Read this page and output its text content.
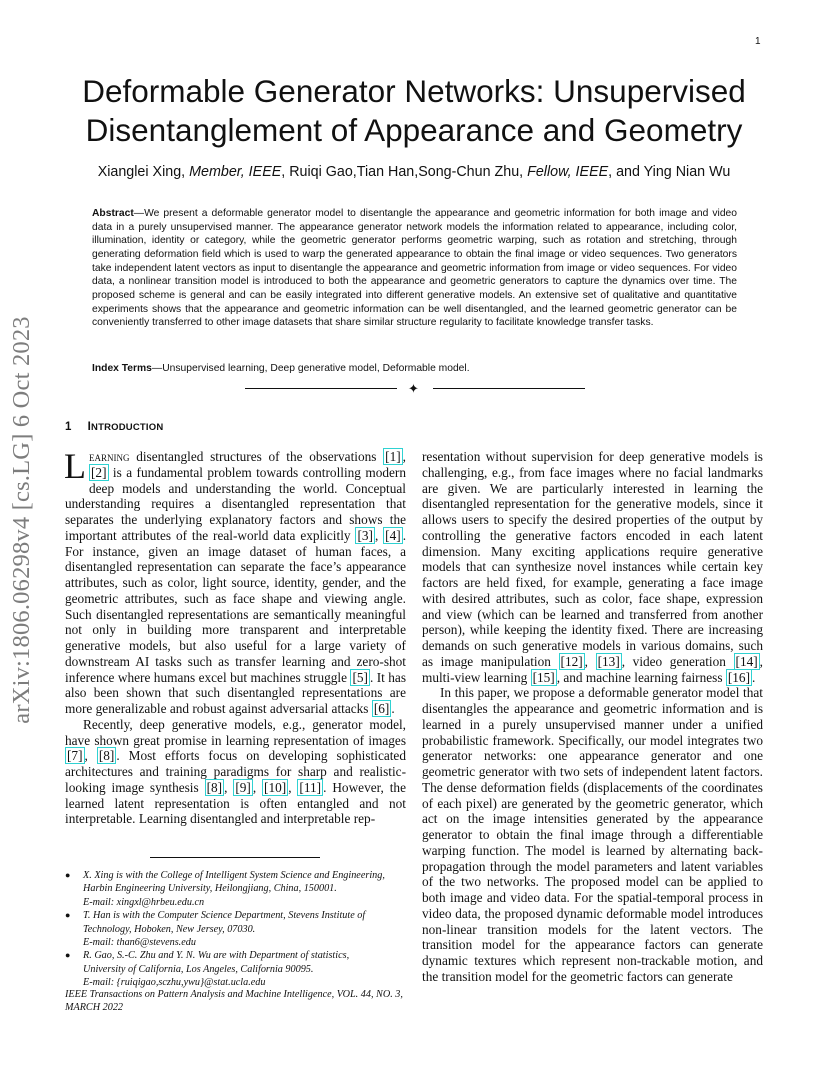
1
arXiv:1806.06298v4 [cs.LG] 6 Oct 2023
Deformable Generator Networks: Unsupervised Disentanglement of Appearance and Geometry
Xianglei Xing, Member, IEEE, Ruiqi Gao,Tian Han,Song-Chun Zhu, Fellow, IEEE, and Ying Nian Wu

Abstract—We present a deformable generator model to disentangle the appearance and geometric information for both image and video data in a purely unsupervised manner. The appearance generator network models the information related to appearance, including color, illumination, identity or category, while the geometric generator performs geometric warping, such as rotation and stretching, through generating deformation field which is used to warp the generated appearance to obtain the final image or video sequences. Two generators take independent latent vectors as input to disentangle the appearance and geometric information from image or video sequences. For video data, a nonlinear transition model is introduced to both the appearance and geometric generators to capture the dynamics over time. The proposed scheme is general and can be easily integrated into different generative models. An extensive set of qualitative and quantitative experiments shows that the appearance and geometric information can be well disentangled, and the learned geometric generator can be conveniently transferred to other image datasets that share similar structure regularity to facilitate knowledge transfer tasks.

Index Terms—Unsupervised learning, Deep generative model, Deformable model.

✦
1 INTRODUCTION

Learning disentangled structures of the observations [1] , [2] is a fundamental problem towards controlling modern deep models and understanding the world. Conceptual understanding requires a disentangled representation that separates the underlying explanatory factors and shows the important attributes of the real-world data explicitly [3] , [4] . For instance, given an image dataset of human faces, a disentangled representation can separate the face’s appearance attributes, such as color, light source, identity, gender, and the geometric attributes, such as face shape and viewing angle. Such disentangled representations are semantically meaningful not only in building more transparent and interpretable generative models, but also useful for a large variety of downstream AI tasks such as transfer learning and zero-shot inference where humans excel but machines struggle [5] . It has also been shown that such disentangled representations are more generalizable and robust against adversarial attacks [6] .

Recently, deep generative models, e.g., generator model, have shown great promise in learning representation of images [7] , [8] . Most efforts focus on developing sophisticated architectures and training paradigms for sharp and realistic-looking image synthesis [8] , [9] , [10] , [11] . However, the learned latent representation is often entangled and not interpretable. Learning disentangled and interpretable rep-

● X. Xing is with the College of Intelligent System Science and Engineering,
Harbin Engineering University, Heilongjiang, China, 150001.
E-mail: xingxl@hrbeu.edu.cn
● T. Han is with the Computer Science Department, Stevens Institute of
Technology, Hoboken, New Jersey, 07030.
E-mail: than6@stevens.edu
● R. Gao, S.-C. Zhu and Y. N. Wu are with Department of statistics,
University of California, Los Angeles, California 90095.
E-mail: {ruiqigao,sczhu,ywu}@stat.ucla.edu

IEEE Transactions on Pattern Analysis and Machine Intelligence, VOL. 44, NO. 3, MARCH 2022

resentation without supervision for deep generative models is challenging, e.g., from face images where no facial landmarks are given. We are particularly interested in learning the disentangled representation for the generative models, since it allows users to specify the desired properties of the output by controlling the generative factors encoded in each latent dimension. Many exciting applications require generative models that can synthesize novel instances while certain key factors are held fixed, for example, generating a face image with desired attributes, such as color, face shape, expression and view (which can be learned and transferred from another person), while keeping the identity fixed. There are increasing demands on such generative models in various domains, such as image manipulation [12] , [13] , video generation [14] , multi-view learning [15] , and machine learning fairness [16] .

In this paper, we propose a deformable generator model that disentangles the appearance and geometric information and is learned in a purely unsupervised manner under a unified probabilistic framework. Specifically, our model integrates two generator networks: one appearance generator and one geometric generator with two sets of independent latent factors. The dense deformation fields (displacements of the coordinates of each pixel) are generated by the geometric generator, which act on the image intensities generated by the appearance generator to obtain the final image through a differentiable warping function. The model is learned by alternating back-propagation through the model parameters and latent variables of the two networks. The proposed model can be applied to both image and video data. For the spatial-temporal process in video data, the proposed dynamic deformable model introduces non-linear transition models for the latent vectors. The transition model for the appearance factors can generate dynamic textures which represent non-trackable motion, and the transition model for the geometric factors can generate
